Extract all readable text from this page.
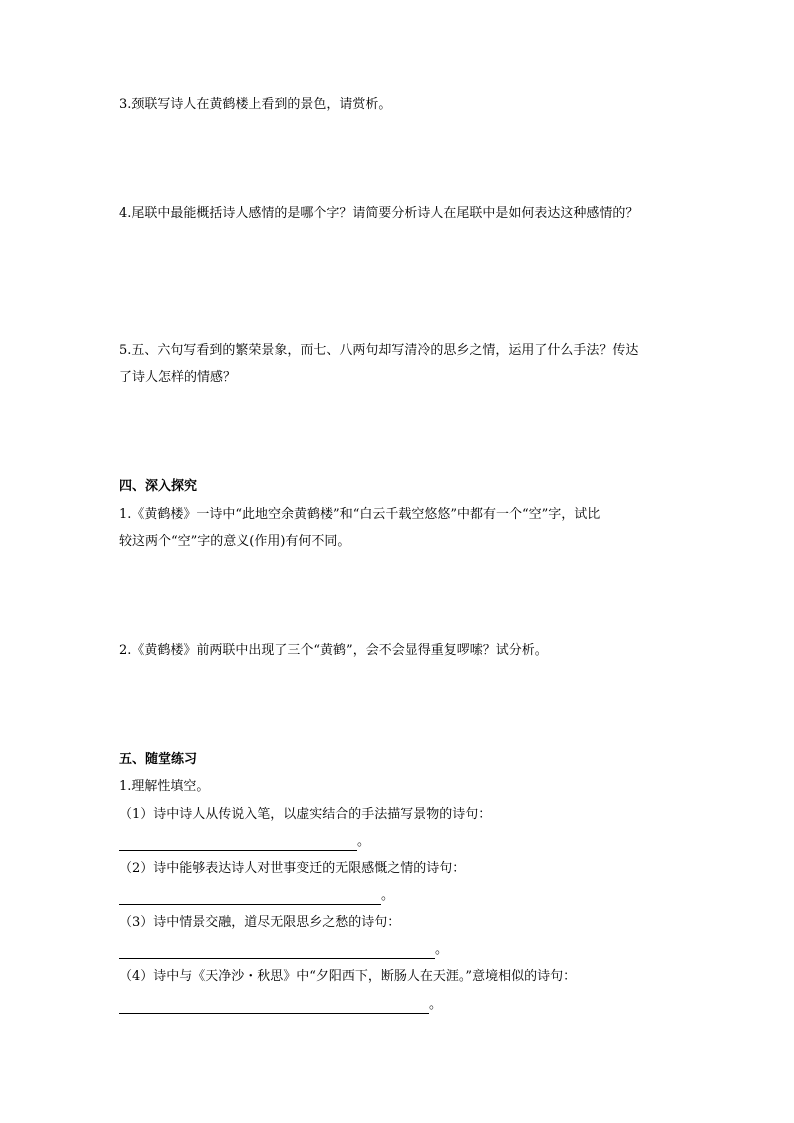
3.颈联写诗人在黄鹤楼上看到的景色，请赏析。
4.尾联中最能概括诗人感情的是哪个字？请简要分析诗人在尾联中是如何表达这种感情的？
5.五、六句写看到的繁荣景象，而七、八两句却写清冷的思乡之情，运用了什么手法？传达
了诗人怎样的情感？
四、深入探究
1.《黄鹤楼》一诗中“此地空余黄鹤楼”和“白云千载空悠悠”中都有一个“空”字，试比
较这两个“空”字的意义(作用)有何不同。
2.《黄鹤楼》前两联中出现了三个“黄鹤”，会不会显得重复啰嗦？试分析。
五、随堂练习
1.理解性填空。
（1）诗中诗人从传说入笔，以虚实结合的手法描写景物的诗句：
。
（2）诗中能够表达诗人对世事变迁的无限感慨之情的诗句：
。
（3）诗中情景交融，道尽无限思乡之愁的诗句：
。
（4）诗中与《天净沙・秋思》中“夕阳西下，断肠人在天涯。”意境相似的诗句：
。
